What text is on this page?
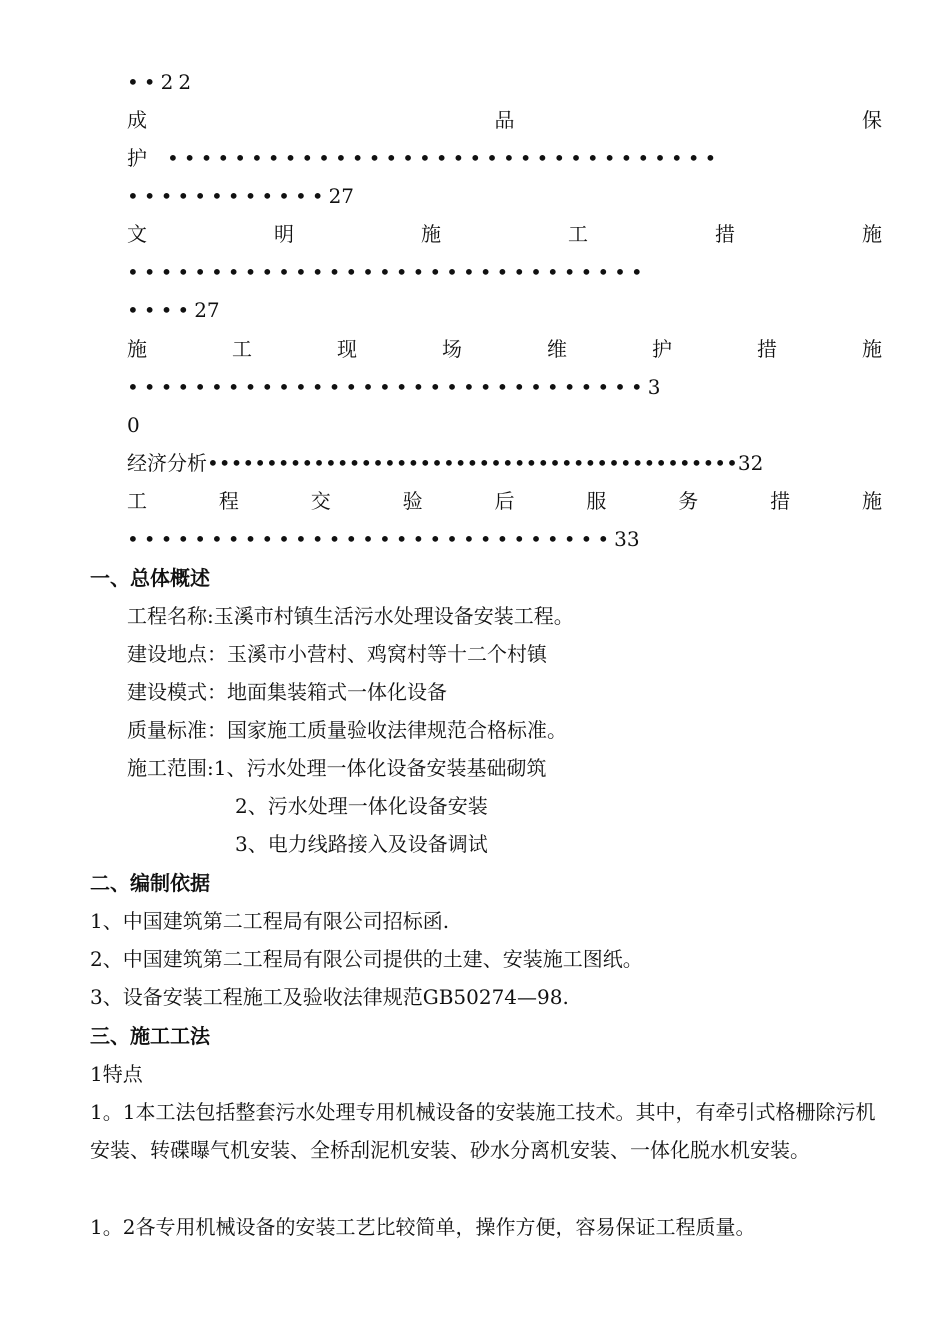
••22
成	品	保
护 •••••••••••••••••••••••••••••••••
••••••••••••27
文	明	施	工	措	施
•••••••••••••••••••••••••••••••
••••27
施	工	现	场	维	护	措	施
•••••••••••••••••••••••••••••••3
0
经济分析•••••••••••••••••••••••••••••••••••••••••••••32
工	程	交	验	后	服	务	措	施
•••••••••••••••••••••••••••••33
一、总体概述
工程名称:玉溪市村镇生活污水处理设备安装工程。
建设地点：玉溪市小营村、鸡窝村等十二个村镇
建设模式：地面集装箱式一体化设备
质量标准：国家施工质量验收法律规范合格标准。
施工范围:1、污水处理一体化设备安装基础砌筑
2、污水处理一体化设备安装
3、电力线路接入及设备调试
二、编制依据
1、中国建筑第二工程局有限公司招标函.
2、中国建筑第二工程局有限公司提供的土建、安装施工图纸。
3、设备安装工程施工及验收法律规范GB50274—98.
三、施工工法
1特点
1。1本工法包括整套污水处理专用机械设备的安装施工技术。其中，有牵引式格栅除污机安装、转碟曝气机安装、全桥刮泥机安装、砂水分离机安装、一体化脱水机安装。
1。2各专用机械设备的安装工艺比较简单，操作方便，容易保证工程质量。
